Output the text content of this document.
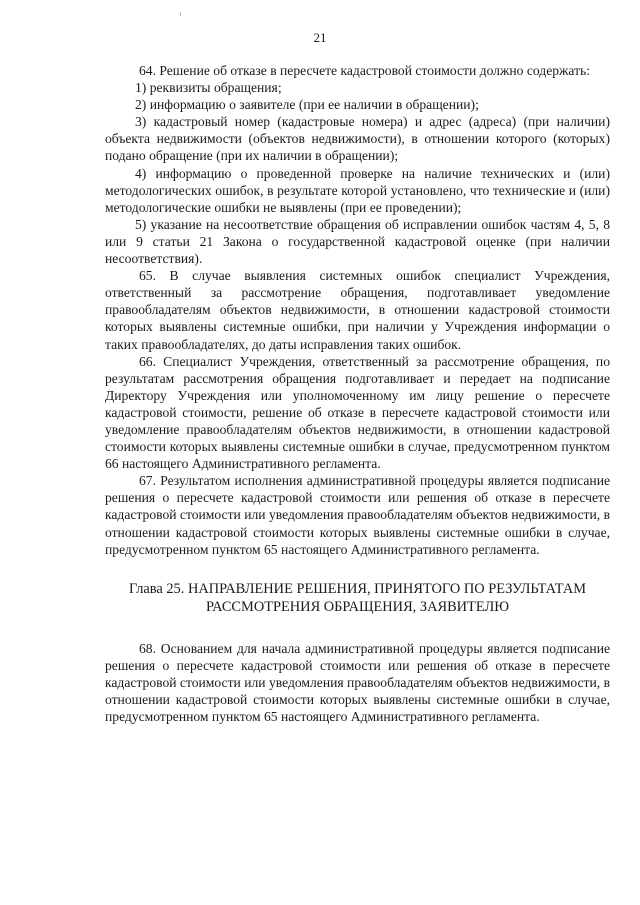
21

64. Решение об отказе в пересчете кадастровой стоимости должно содержать:

1) реквизиты обращения;

2) информацию о заявителе (при ее наличии в обращении);

3) кадастровый номер (кадастровые номера) и адрес (адреса) (при наличии) объекта недвижимости (объектов недвижимости), в отношении которого (которых) подано обращение (при их наличии в обращении);

4) информацию о проведенной проверке на наличие технических и (или) методологических ошибок, в результате которой установлено, что технические и (или) методологические ошибки не выявлены (при ее проведении);

5) указание на несоответствие обращения об исправлении ошибок частям 4, 5, 8 или 9 статьи 21 Закона о государственной кадастровой оценке (при наличии несоответствия).

65. В случае выявления системных ошибок специалист Учреждения, ответственный за рассмотрение обращения, подготавливает уведомление правообладателям объектов недвижимости, в отношении кадастровой стоимости которых выявлены системные ошибки, при наличии у Учреждения информации о таких правообладателях, до даты исправления таких ошибок.

66. Специалист Учреждения, ответственный за рассмотрение обращения, по результатам рассмотрения обращения подготавливает и передает на подписание Директору Учреждения или уполномоченному им лицу решение о пересчете кадастровой стоимости, решение об отказе в пересчете кадастровой стоимости или уведомление правообладателям объектов недвижимости, в отношении кадастровой стоимости которых выявлены системные ошибки в случае, предусмотренном пунктом 66 настоящего Административного регламента.

67. Результатом исполнения административной процедуры является подписание решения о пересчете кадастровой стоимости или решения об отказе в пересчете кадастровой стоимости или уведомления правообладателям объектов недвижимости, в отношении кадастровой стоимости которых выявлены системные ошибки в случае, предусмотренном пунктом 65 настоящего Административного регламента.

Глава 25. НАПРАВЛЕНИЕ РЕШЕНИЯ, ПРИНЯТОГО ПО РЕЗУЛЬТАТАМ
РАССМОТРЕНИЯ ОБРАЩЕНИЯ, ЗАЯВИТЕЛЮ

68. Основанием для начала административной процедуры является подписание решения о пересчете кадастровой стоимости или решения об отказе в пересчете кадастровой стоимости или уведомления правообладателям объектов недвижимости, в отношении кадастровой стоимости которых выявлены системные ошибки в случае, предусмотренном пунктом 65 настоящего Административного регламента.
